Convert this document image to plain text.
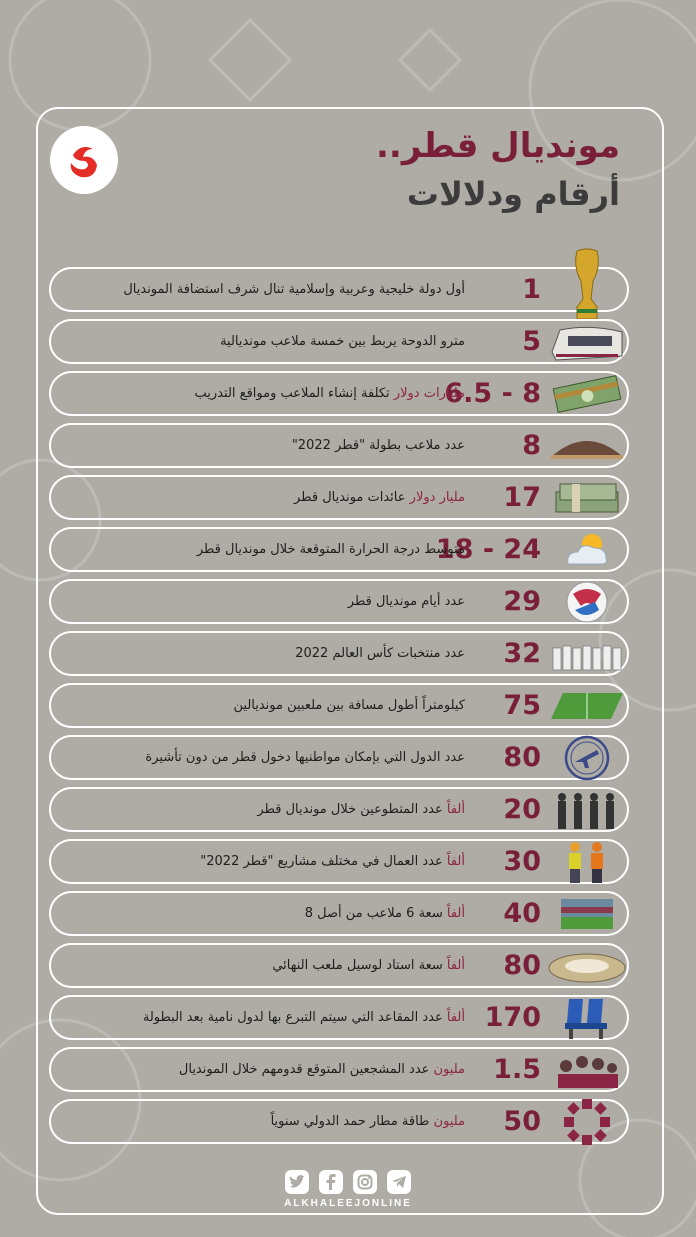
مونديال قطر..
أرقام ودلالات
1
أول دولة خليجية وعربية وإسلامية تنال شرف استضافة المونديال
5
مترو الدوحة يربط بين خمسة ملاعب مونديالية
6.5 - 8
مليارات دولار تكلفة إنشاء الملاعب ومواقع التدريب
8
عدد ملاعب بطولة "قطر 2022"
17
مليار دولار عائدات مونديال قطر
18 - 24
متوسط درجة الحرارة المتوقعة خلال مونديال قطر
29
عدد أيام مونديال قطر
32
عدد منتخبات كأس العالم 2022
75
كيلومتراً أطول مسافة بين ملعبين مونديالين
80
عدد الدول التي بإمكان مواطنيها دخول قطر من دون تأشيرة
20
ألفاً عدد المتطوعين خلال مونديال قطر
30
ألفاً عدد العمال في مختلف مشاريع "قطر 2022"
40
ألفاً سعة 6 ملاعب من أصل 8
80
ألفاً سعة استاد لوسيل ملعب النهائي
170
ألفاً عدد المقاعد التي سيتم التبرع بها لدول نامية بعد البطولة
1.5
مليون عدد المشجعين المتوقع قدومهم خلال المونديال
50
مليون طاقة مطار حمد الدولي سنوياً
ALKHALEEJONLINE
